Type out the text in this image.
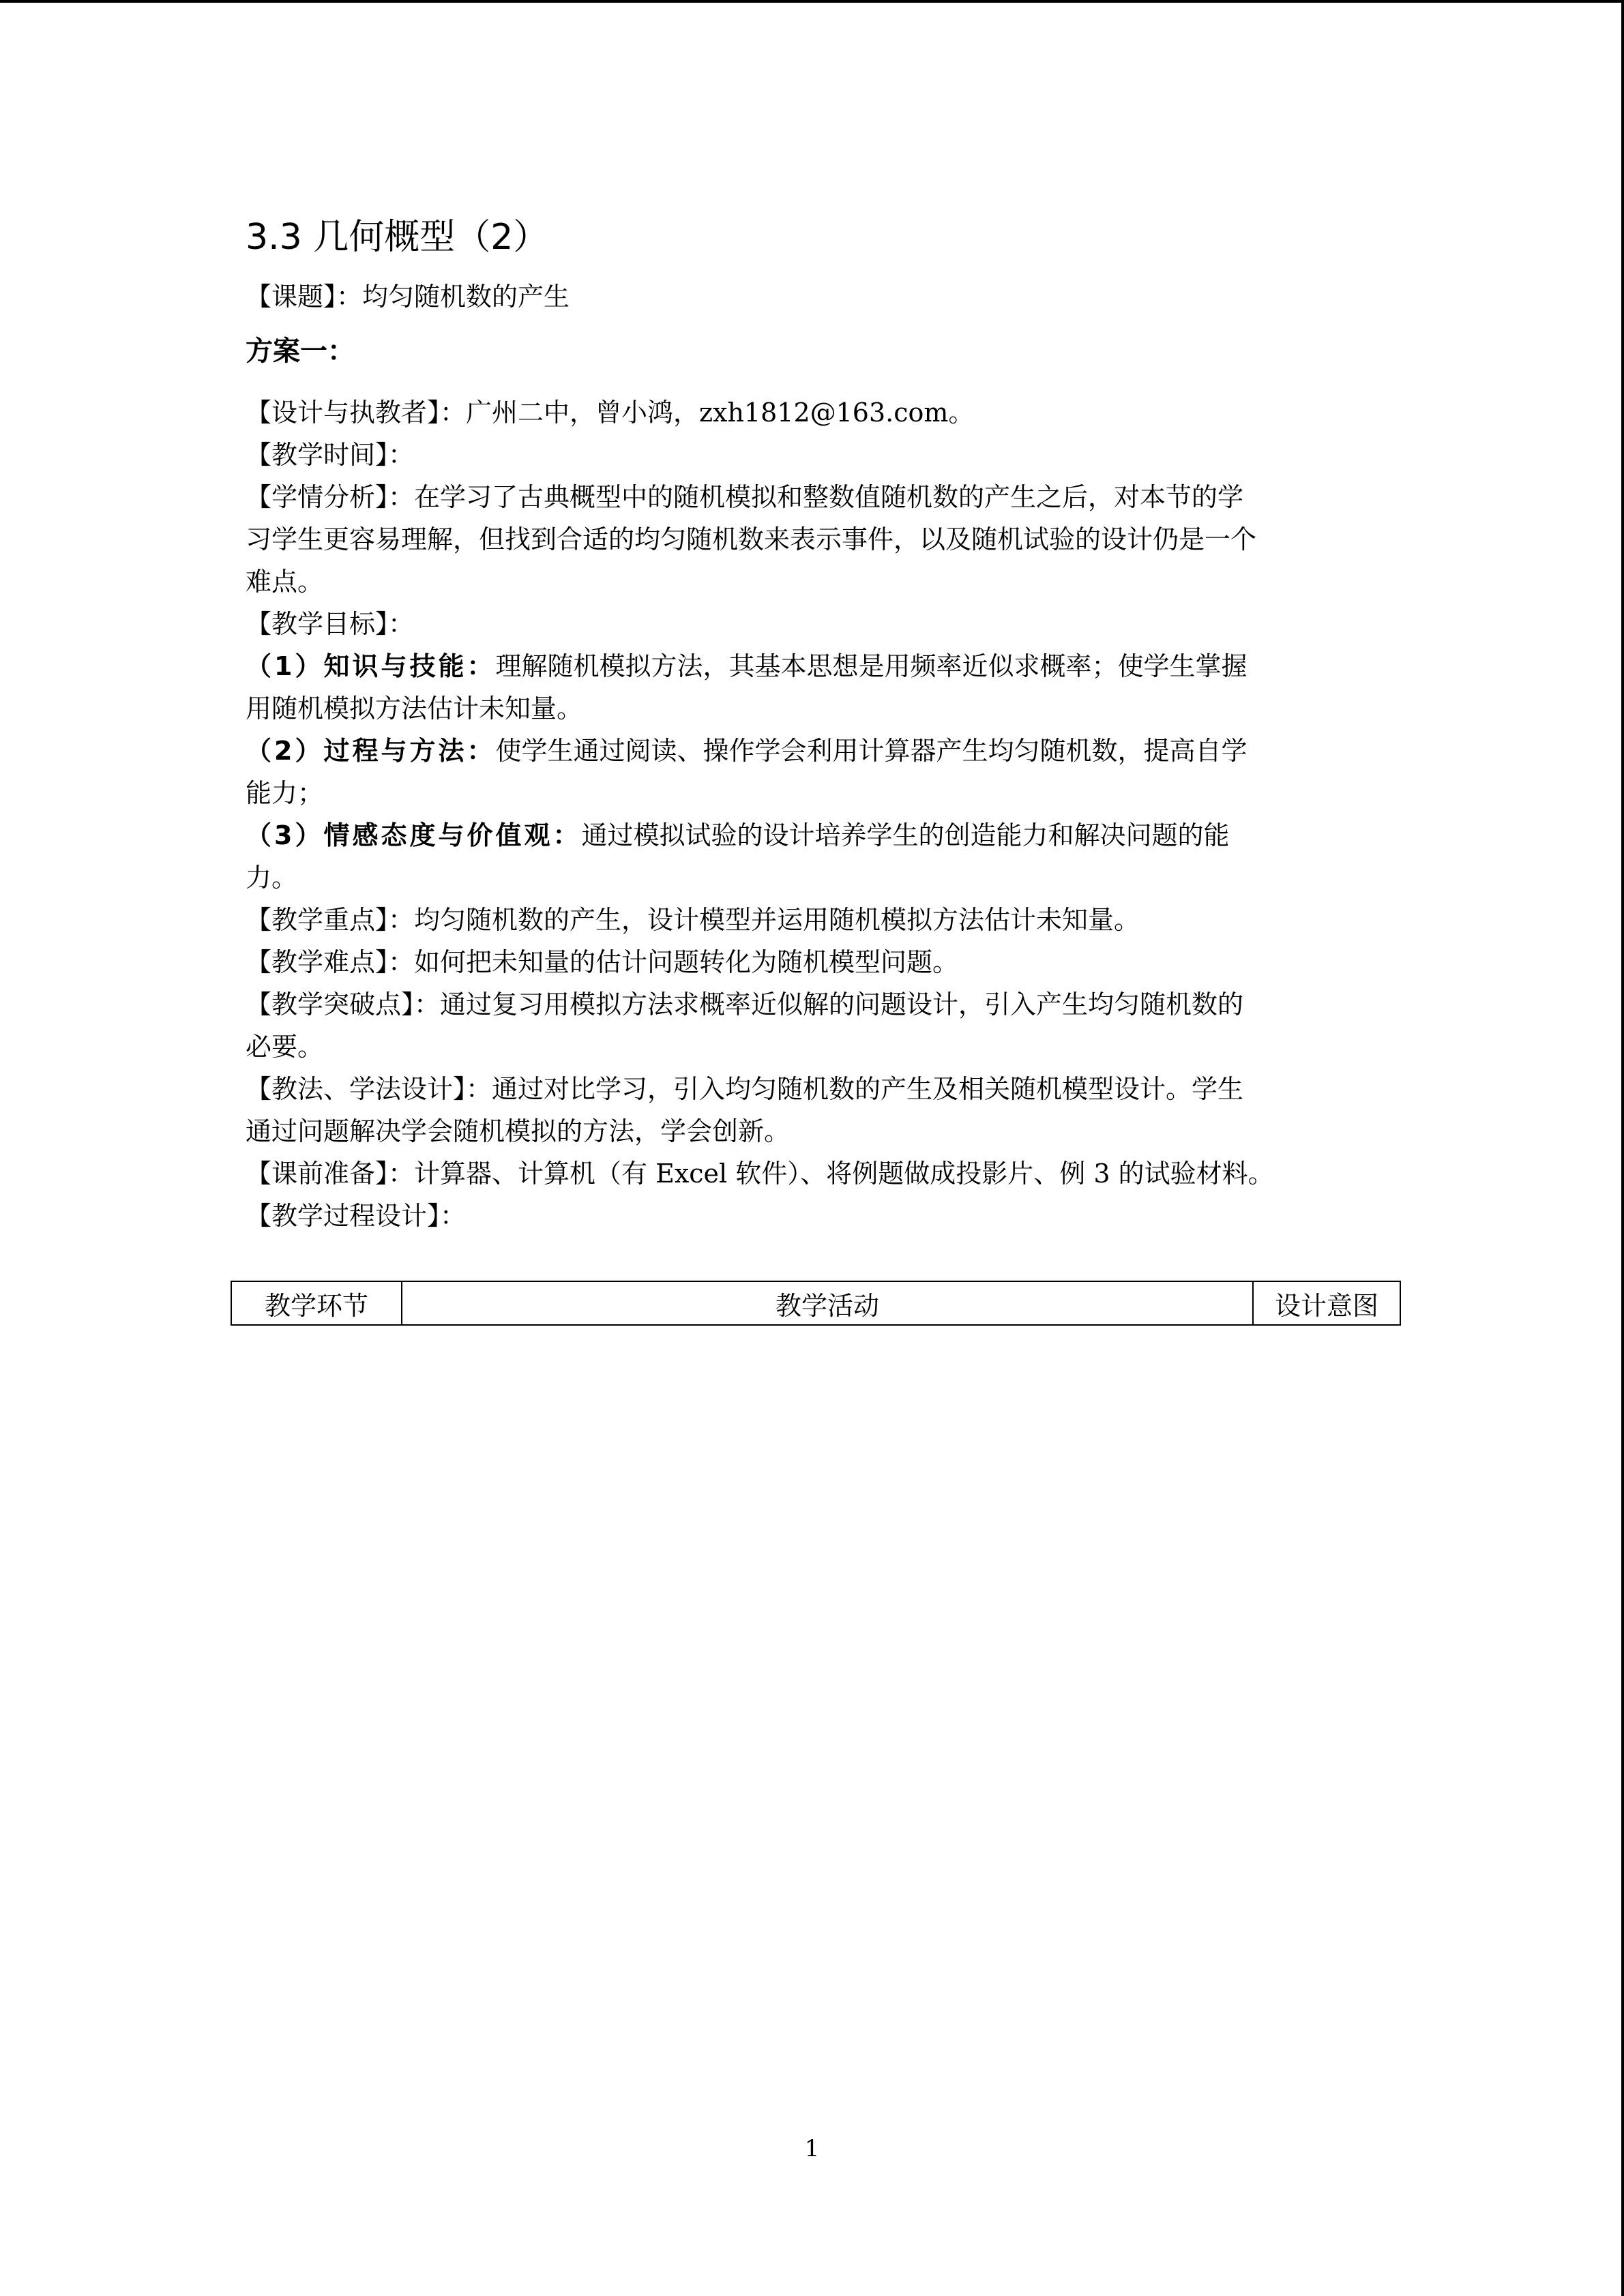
3.3 几何概型（2）

【课题】：均匀随机数的产生

方案一：

【设计与执教者】：广州二中，曾小鸿，zxh1812@163.com。

【教学时间】：

【学情分析】：在学习了古典概型中的随机模拟和整数值随机数的产生之后，对本节的学

习学生更容易理解，但找到合适的均匀随机数来表示事件，以及随机试验的设计仍是一个

难点。

【教学目标】：

（1）知识与技能：理解随机模拟方法，其基本思想是用频率近似求概率；使学生掌握

用随机模拟方法估计未知量。

（2）过程与方法：使学生通过阅读、操作学会利用计算器产生均匀随机数，提高自学

能力；

（3）情感态度与价值观：通过模拟试验的设计培养学生的创造能力和解决问题的能

力。

【教学重点】：均匀随机数的产生，设计模型并运用随机模拟方法估计未知量。

【教学难点】：如何把未知量的估计问题转化为随机模型问题。

【教学突破点】：通过复习用模拟方法求概率近似解的问题设计，引入产生均匀随机数的

必要。

【教法、学法设计】：通过对比学习，引入均匀随机数的产生及相关随机模型设计。学生

通过问题解决学会随机模拟的方法，学会创新。

【课前准备】：计算器、计算机（有 Excel 软件）、将例题做成投影片、例 3 的试验材料。

【教学过程设计】：

教学环节	教学活动	设计意图
1
